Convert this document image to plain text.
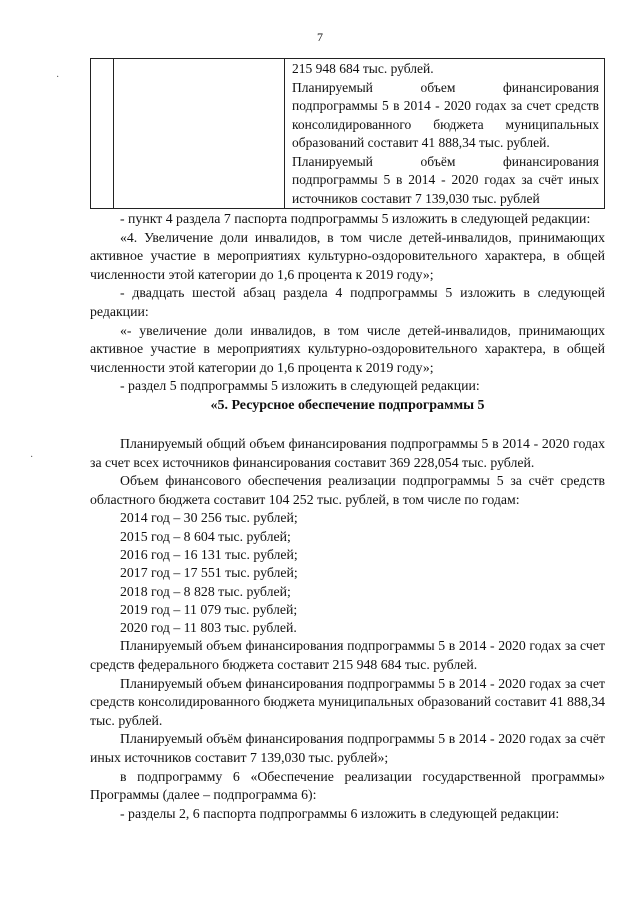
7
·
·

215 948 684 тыс. рублей.
Планируемый объем финансирования подпрограммы 5 в 2014 - 2020 годах за счет средств консолидированного бюджета муниципальных образований составит 41 888,34 тыс. рублей.
Планируемый объём финансирования подпрограммы 5 в 2014 - 2020 годах за счёт иных источников составит 7 139,030 тыс. рублей

- пункт 4 раздела 7 паспорта подпрограммы 5 изложить в следующей редакции:

«4. Увеличение доли инвалидов, в том числе детей-инвалидов, принимающих активное участие в мероприятиях культурно-оздоровительного характера, в общей численности этой категории до 1,6 процента к 2019 году»;

- двадцать шестой абзац раздела 4 подпрограммы 5 изложить в следующей редакции:

«- увеличение доли инвалидов, в том числе детей-инвалидов, принимающих активное участие в мероприятиях культурно-оздоровительного характера, в общей численности этой категории до 1,6 процента к 2019 году»;

- раздел 5 подпрограммы 5 изложить в следующей редакции:

«5. Ресурсное обеспечение подпрограммы 5

Планируемый общий объем финансирования подпрограммы 5 в 2014 - 2020 годах за счет всех источников финансирования составит 369 228,054 тыс. рублей.

Объем финансового обеспечения реализации подпрограммы 5 за счёт средств областного бюджета составит 104 252 тыс. рублей, в том числе по годам:

2014 год – 30 256 тыс. рублей;

2015 год – 8 604 тыс. рублей;

2016 год – 16 131 тыс. рублей;

2017 год – 17 551 тыс. рублей;

2018 год – 8 828 тыс. рублей;

2019 год – 11 079 тыс. рублей;

2020 год – 11 803 тыс. рублей.

Планируемый объем финансирования подпрограммы 5 в 2014 - 2020 годах за счет средств федерального бюджета составит 215 948 684 тыс. рублей.

Планируемый объем финансирования подпрограммы 5 в 2014 - 2020 годах за счет средств консолидированного бюджета муниципальных образований составит 41 888,34 тыс. рублей.

Планируемый объём финансирования подпрограммы 5 в 2014 - 2020 годах за счёт иных источников составит 7 139,030 тыс. рублей»;

в подпрограмму 6 «Обеспечение реализации государственной программы» Программы (далее – подпрограмма 6):

- разделы 2, 6 паспорта подпрограммы 6 изложить в следующей редакции:
